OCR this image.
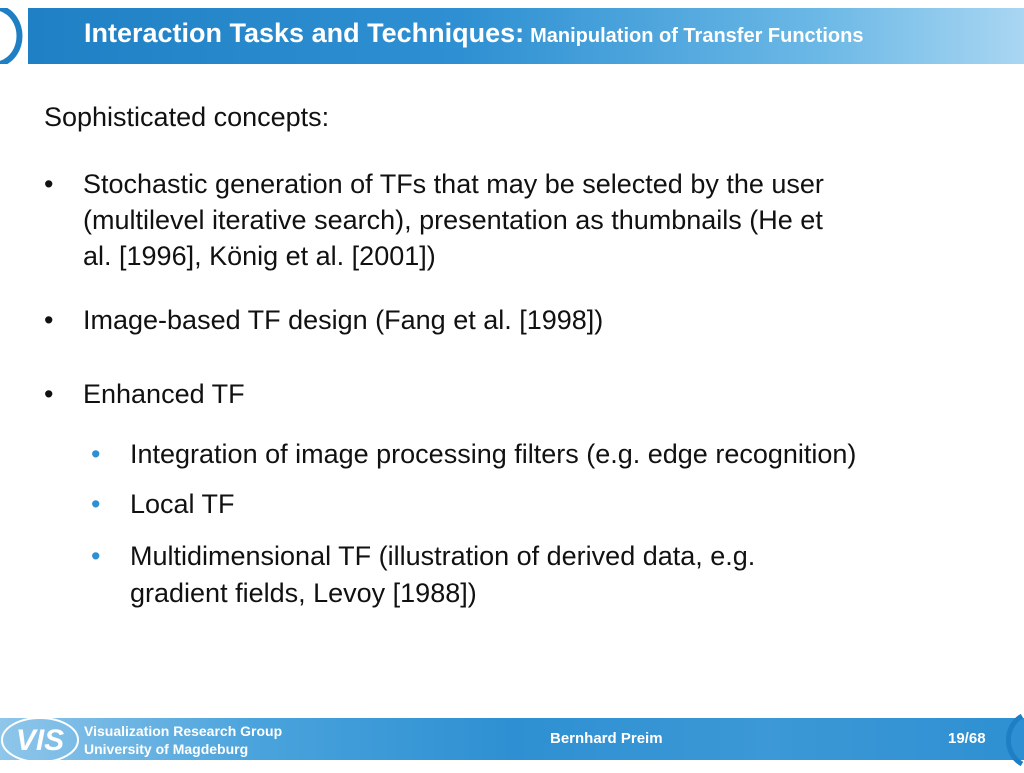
Interaction Tasks and Techniques: Manipulation of Transfer Functions
Sophisticated concepts:
• Stochastic generation of TFs that may be selected by the user
(multilevel iterative search), presentation as thumbnails (He et
al. [1996], König et al. [2001])
• Image-based TF design (Fang et al. [1998])
• Enhanced TF
• Integration of image processing filters (e.g. edge recognition)
• Local TF
• Multidimensional TF (illustration of derived data, e.g.
gradient fields, Levoy [1988])
VIS Visualization Research Group
University of Magdeburg
Bernhard Preim	19/68
